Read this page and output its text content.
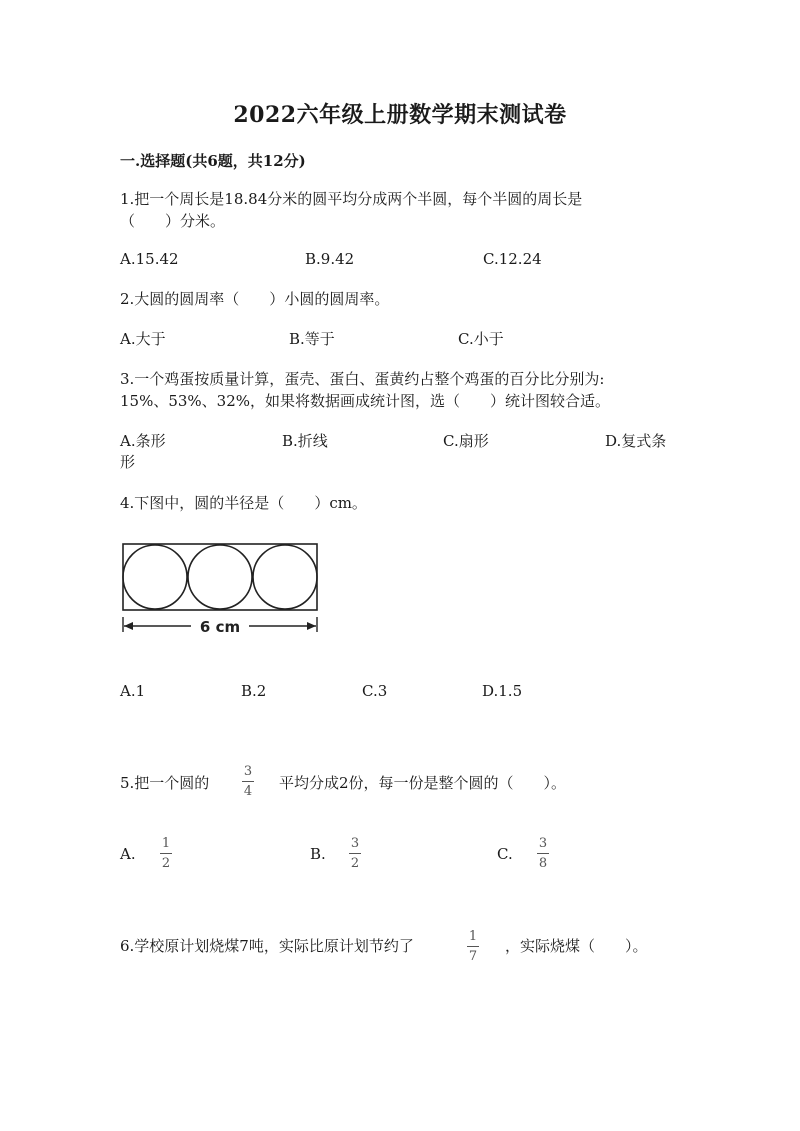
2022六年级上册数学期末测试卷
一.选择题(共6题，共12分)
1.把一个周长是18.84分米的圆平均分成两个半圆，每个半圆的周长是
（　　）分米。
A.15.42	B.9.42	C.12.24
2.大圆的圆周率（　　）小圆的圆周率。
A.大于	B.等于	C.小于
3.一个鸡蛋按质量计算，蛋壳、蛋白、蛋黄约占整个鸡蛋的百分比分别为:
15%、53%、32%，如果将数据画成统计图，选（　　）统计图较合适。
A.条形	B.折线	C.扇形	D.复式条
形
4.下图中，圆的半径是（　　）cm。
6 cm
A.1	B.2	C.3	D.1.5
5.把一个圆的
3
4 平均分成2份，每一份是整个圆的（　　）。
A.
1
2
B.
3
2
C.
3
8
6.学校原计划烧煤7吨，实际比原计划节约了
1
7
，实际烧煤（　　）。
